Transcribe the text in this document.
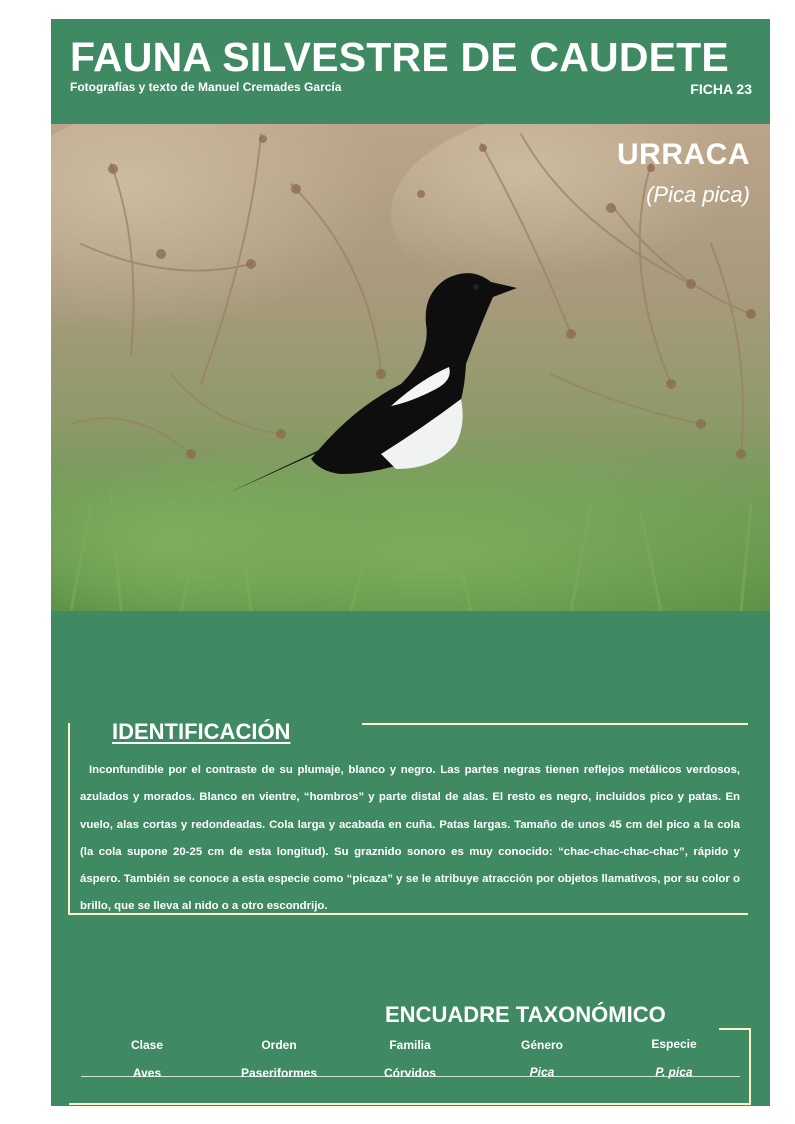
FAUNA SILVESTRE DE CAUDETE
Fotografías y texto de Manuel Cremades García	FICHA 23
URRACA
(Pica pica)
IDENTIFICACIÓN

Inconfundible por el contraste de su plumaje, blanco y negro. Las partes negras tienen reflejos metálicos verdosos, azulados y morados. Blanco en vientre, “hombros” y parte distal de alas. El resto es negro, incluidos pico y patas. En vuelo, alas cortas y redondeadas. Cola larga y acabada en cuña. Patas largas. Tamaño de unos 45 cm del pico a la cola (la cola supone 20-25 cm de esta longitud). Su graznido sonoro es muy conocido: “chac-chac-chac-chac”, rápido y áspero. También se conoce a esta especie como “picaza” y se le atribuye atracción por objetos llamativos, por su color o brillo, que se lleva al nido o a otro escondrijo.

ENCUADRE TAXONÓMICO
Clase	Orden	Familia	Género	Especie
Aves	Paseriformes	Córvidos	Pica	P. pica
